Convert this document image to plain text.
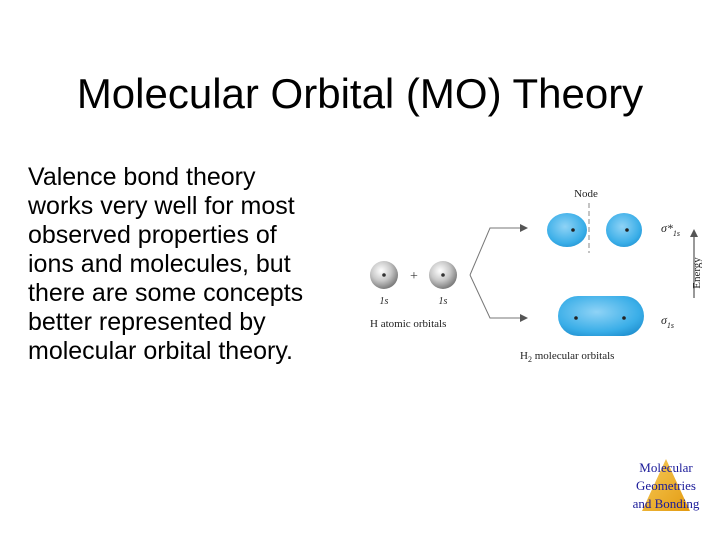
Molecular Orbital (MO) Theory
Valence bond theory
works very well for most
observed properties of
ions and molecules, but
there are some concepts
better represented by
molecular orbital theory.
+
1s	1s
H atomic orbitals
Node
$\sigma*_{1s}$
$\sigma_{1s}$
Energy
$H_2$ molecular orbitals
Molecular
Geometries
and Bonding
